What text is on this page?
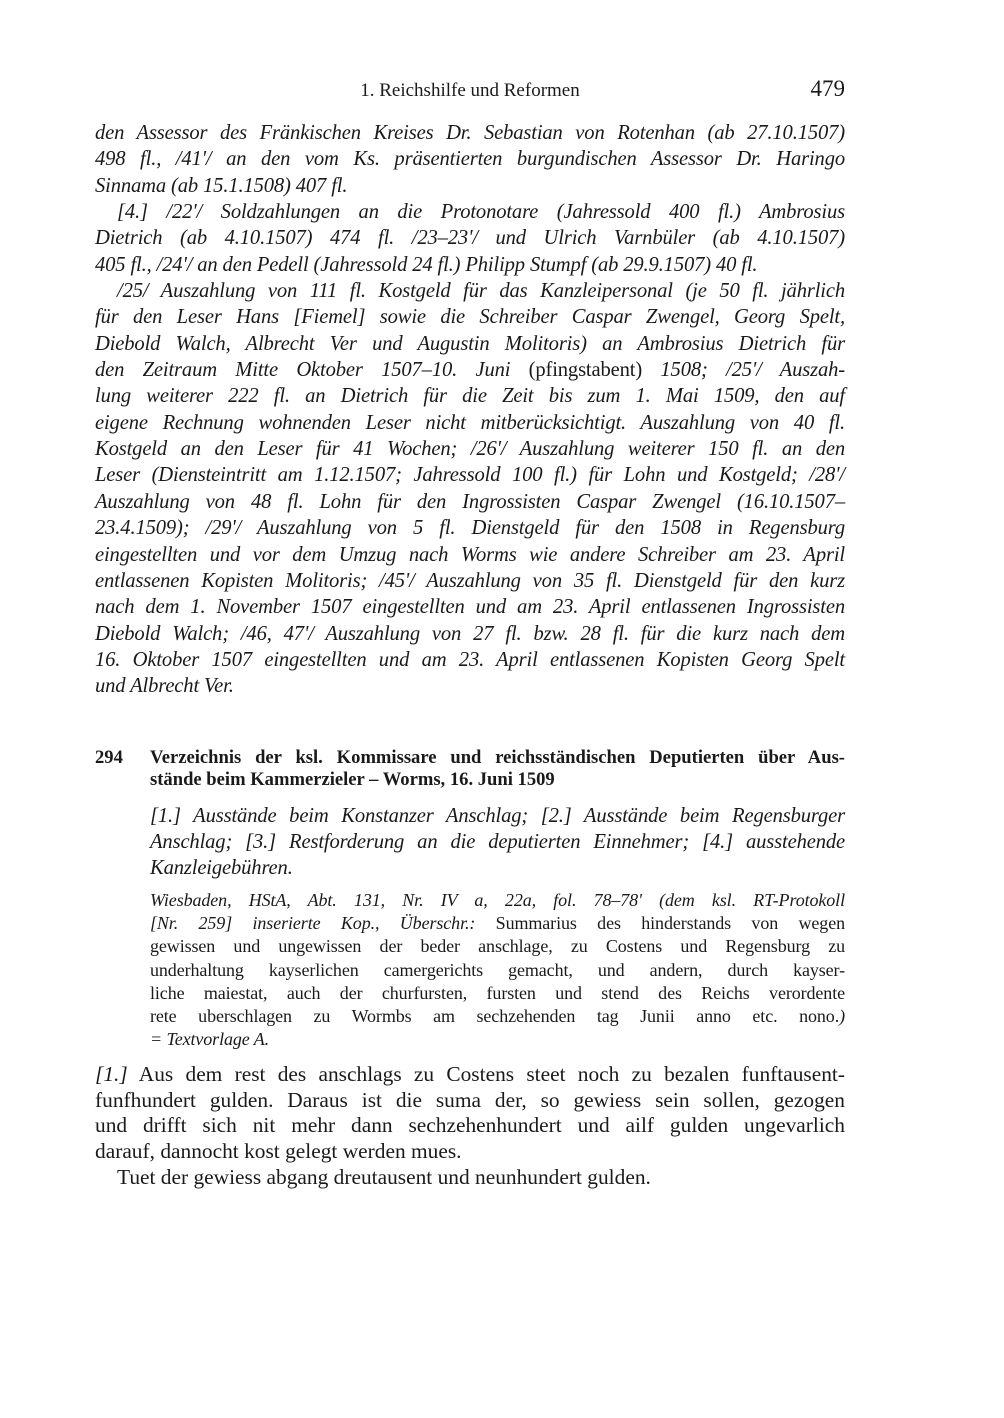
1. Reichshilfe und Reformen	479
den Assessor des Fränkischen Kreises Dr. Sebastian von Rotenhan (ab 27.10.1507)
498 fl., /41'/ an den vom Ks. präsentierten burgundischen Assessor Dr. Haringo
Sinnama (ab 15.1.1508) 407 fl.
[4.] /22'/ Soldzahlungen an die Protonotare (Jahressold 400 fl.) Ambrosius
Dietrich (ab 4.10.1507) 474 fl. /23–23'/ und Ulrich Varnbüler (ab 4.10.1507)
405 fl., /24'/ an den Pedell (Jahressold 24 fl.) Philipp Stumpf (ab 29.9.1507) 40 fl.
/25/ Auszahlung von 111 fl. Kostgeld für das Kanzleipersonal (je 50 fl. jährlich
für den Leser Hans [Fiemel] sowie die Schreiber Caspar Zwengel, Georg Spelt,
Diebold Walch, Albrecht Ver und Augustin Molitoris) an Ambrosius Dietrich für
den Zeitraum Mitte Oktober 1507–10. Juni (pfingstabent) 1508; /25'/ Auszah-
lung weiterer 222 fl. an Dietrich für die Zeit bis zum 1. Mai 1509, den auf
eigene Rechnung wohnenden Leser nicht mitberücksichtigt. Auszahlung von 40 fl.
Kostgeld an den Leser für 41 Wochen; /26'/ Auszahlung weiterer 150 fl. an den
Leser (Diensteintritt am 1.12.1507; Jahressold 100 fl.) für Lohn und Kostgeld; /28'/
Auszahlung von 48 fl. Lohn für den Ingrossisten Caspar Zwengel (16.10.1507–
23.4.1509); /29'/ Auszahlung von 5 fl. Dienstgeld für den 1508 in Regensburg
eingestellten und vor dem Umzug nach Worms wie andere Schreiber am 23. April
entlassenen Kopisten Molitoris; /45'/ Auszahlung von 35 fl. Dienstgeld für den kurz
nach dem 1. November 1507 eingestellten und am 23. April entlassenen Ingrossisten
Diebold Walch; /46, 47'/ Auszahlung von 27 fl. bzw. 28 fl. für die kurz nach dem
16. Oktober 1507 eingestellten und am 23. April entlassenen Kopisten Georg Spelt
und Albrecht Ver.
294 Verzeichnis der ksl. Kommissare und reichsständischen Deputierten über Aus-
stände beim Kammerzieler – Worms, 16. Juni 1509
[1.] Ausstände beim Konstanzer Anschlag; [2.] Ausstände beim Regensburger
Anschlag; [3.] Restforderung an die deputierten Einnehmer; [4.] ausstehende
Kanzleigebühren.
Wiesbaden, HStA, Abt. 131, Nr. IV a, 22a, fol. 78–78' (dem ksl. RT-Protokoll
[Nr. 259] inserierte Kop., Überschr.: Summarius des hinderstands von wegen
gewissen und ungewissen der beder anschlage, zu Costens und Regensburg zu
underhaltung kayserlichen camergerichts gemacht, und andern, durch kayser-
liche maiestat, auch der churfursten, fursten und stend des Reichs verordente
rete uberschlagen zu Wormbs am sechzehenden tag Junii anno etc. nono.)
= Textvorlage A.
[1.] Aus dem rest des anschlags zu Costens steet noch zu bezalen funftausent-
funfhundert gulden. Daraus ist die suma der, so gewiess sein sollen, gezogen
und drifft sich nit mehr dann sechzehenhundert und ailf gulden ungevarlich
darauf, dannocht kost gelegt werden mues.
Tuet der gewiess abgang dreutausent und neunhundert gulden.
